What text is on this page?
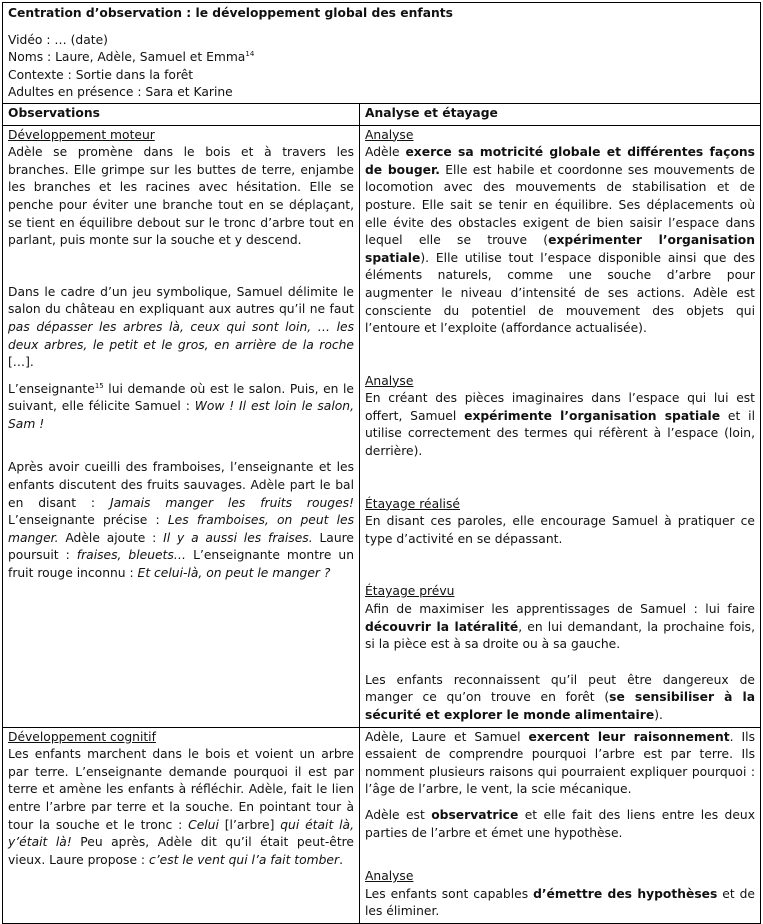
Centration d’observation : le développement global des enfants

Vidéo : … (date)

Noms : Laure, Adèle, Samuel et Emma$^{14}$

Contexte : Sortie dans la forêt

Adultes en présence : Sara et Karine

Observations	Analyse et étayage

Développement moteur

Adèle se promène dans le bois et à travers les branches. Elle grimpe sur les buttes de terre, enjambe les branches et les racines avec hésitation. Elle se penche pour éviter une branche tout en se déplaçant, se tient en équilibre debout sur le tronc d’arbre tout en parlant, puis monte sur la souche et y descend.

Dans le cadre d’un jeu symbolique, Samuel délimite le salon du château en expliquant aux autres qu’il ne faut pas dépasser les arbres là, ceux qui sont loin, … les deux arbres, le petit et le gros, en arrière de la roche […].

L’enseignante$^{15}$ lui demande où est le salon. Puis, en le suivant, elle félicite Samuel : Wow ! Il est loin le salon, Sam !

Après avoir cueilli des framboises, l’enseignante et les enfants discutent des fruits sauvages. Adèle part le bal en disant : Jamais manger les fruits rouges! L’enseignante précise : Les framboises, on peut les manger. Adèle ajoute : Il y a aussi les fraises. Laure poursuit : fraises, bleuets… L’enseignante montre un fruit rouge inconnu : Et celui-là, on peut le manger ?

Analyse

Adèle exerce sa motricité globale et différentes façons de bouger. Elle est habile et coordonne ses mouvements de locomotion avec des mouvements de stabilisation et de posture. Elle sait se tenir en équilibre. Ses déplacements où elle évite des obstacles exigent de bien saisir l’espace dans lequel elle se trouve (expérimenter l’organisation spatiale). Elle utilise tout l’espace disponible ainsi que des éléments naturels, comme une souche d’arbre pour augmenter le niveau d’intensité de ses actions. Adèle est consciente du potentiel de mouvement des objets qui l’entoure et l’exploite (affordance actualisée).

Analyse

En créant des pièces imaginaires dans l’espace qui lui est offert, Samuel expérimente l’organisation spatiale et il utilise correctement des termes qui réfèrent à l’espace (loin, derrière).

Étayage réalisé

En disant ces paroles, elle encourage Samuel à pratiquer ce type d’activité en se dépassant.

Étayage prévu

Afin de maximiser les apprentissages de Samuel : lui faire découvrir la latéralité, en lui demandant, la prochaine fois, si la pièce est à sa droite ou à sa gauche.

Les enfants reconnaissent qu’il peut être dangereux de manger ce qu’on trouve en forêt (se sensibiliser à la sécurité et explorer le monde alimentaire).

Développement cognitif

Les enfants marchent dans le bois et voient un arbre par terre. L’enseignante demande pourquoi il est par terre et amène les enfants à réfléchir. Adèle, fait le lien entre l’arbre par terre et la souche. En pointant tour à tour la souche et le tronc : Celui [l’arbre] qui était là, y’était là! Peu après, Adèle dit qu’il était peut-être vieux. Laure propose : c’est le vent qui l’a fait tomber.

Adèle, Laure et Samuel exercent leur raisonnement. Ils essaient de comprendre pourquoi l’arbre est par terre. Ils nomment plusieurs raisons qui pourraient expliquer pourquoi : l’âge de l’arbre, le vent, la scie mécanique.

Adèle est observatrice et elle fait des liens entre les deux parties de l’arbre et émet une hypothèse.

Analyse

Les enfants sont capables d’émettre des hypothèses et de les éliminer.
